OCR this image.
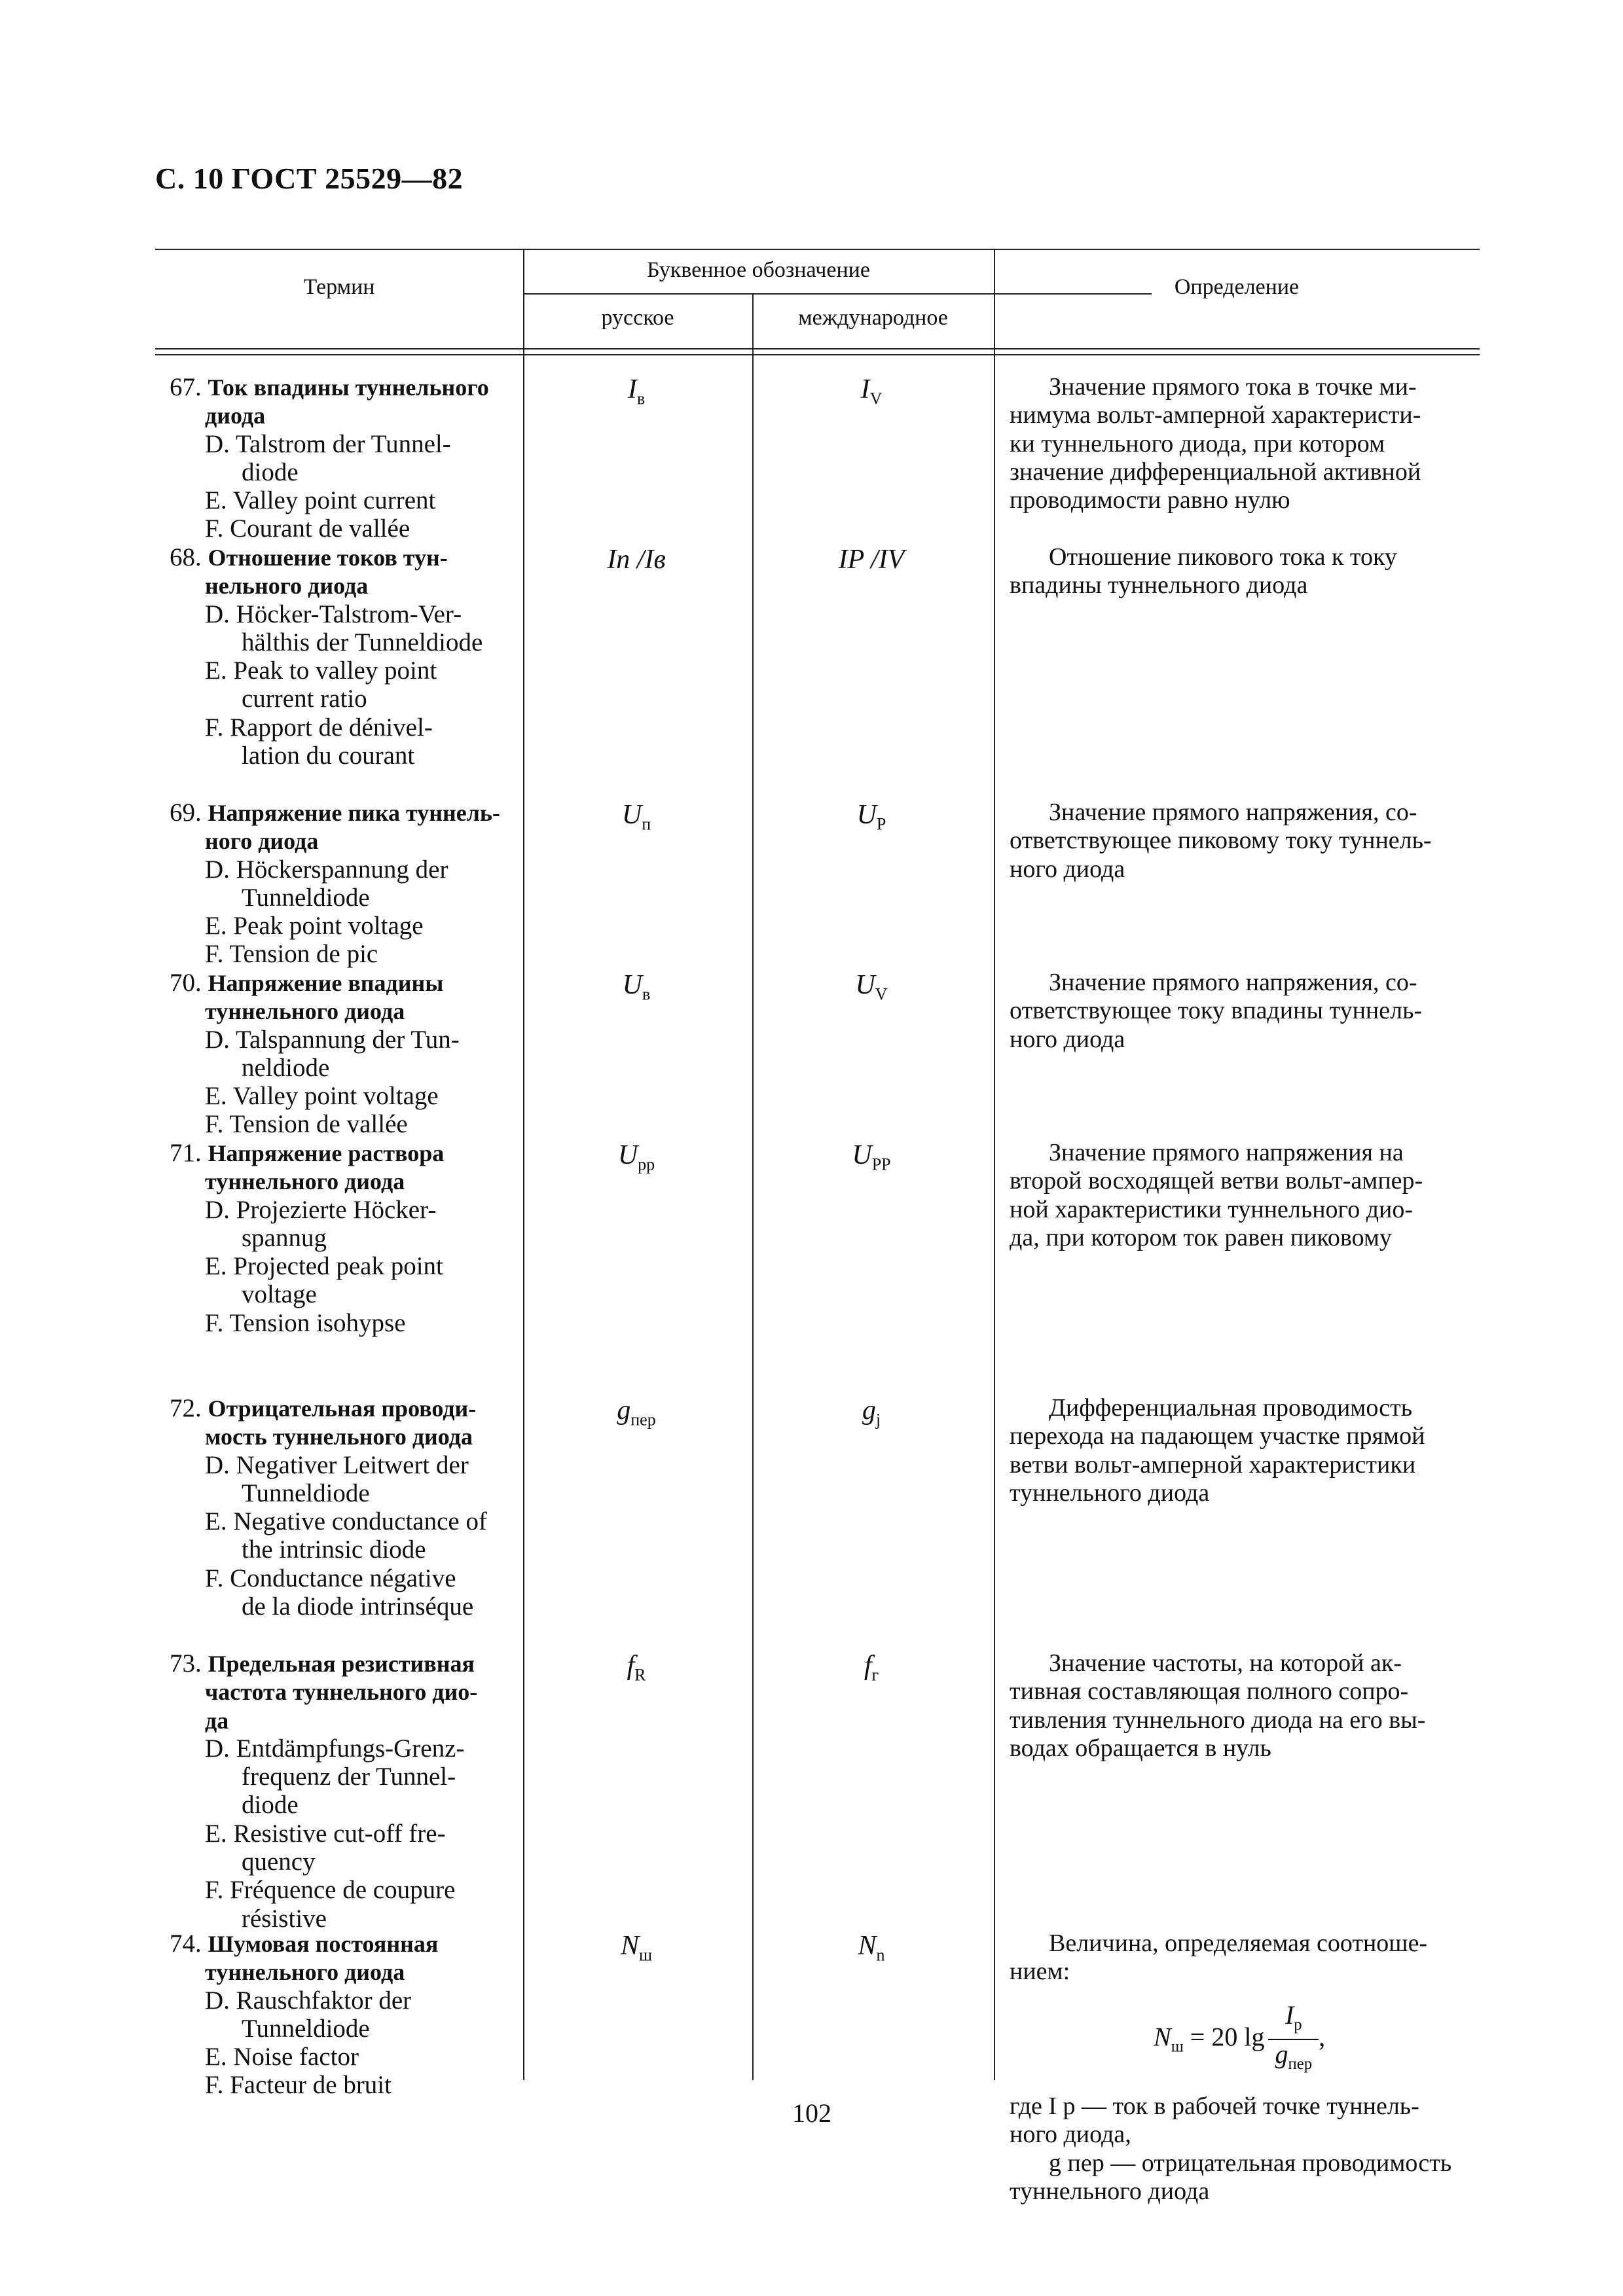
С. 10 ГОСТ 25529—82
Термин
Буквенное обозначение
русское	международное
Определение
67. Ток впадины туннельного
диода
D. Talstrom der Tunnel-
diode
E. Valley point current
F. Courant de vallée
$I_в$	$I_V$	Значение прямого тока в точке ми-
нимума вольт-амперной характеристи-
ки туннельного диода, при котором
значение дифференциальной активной
проводимости равно нулю
68. Отношение токов тун-
нельного диода
D. Höcker-Talstrom-Ver-
hälthis der Tunneldiode
E. Peak to valley point
current ratio
F. Rapport de dénivel-
lation du courant
Iп /Iв	IP /IV	Отношение пикового тока к току
впадины туннельного диода
69. Напряжение пика туннель-
ного диода
D. Höckerspannung der
Tunneldiode
E. Peak point voltage
F. Tension de pic
$U_п$	$U_P$	Значение прямого напряжения, со-
ответствующее пиковому току туннель-
ного диода
70. Напряжение впадины
туннельного диода
D. Talspannung der Tun-
neldiode
E. Valley point voltage
F. Tension de vallée
$U_в$	$U_V$	Значение прямого напряжения, со-
ответствующее току впадины туннель-
ного диода
71. Напряжение раствора
туннельного диода
D. Projezierte Höcker-
spannug
E. Projected peak point
voltage
F. Tension isohypse
$U_{рр}$	$U_{PP}$	Значение прямого напряжения на
второй восходящей ветви вольт-ампер-
ной характеристики туннельного дио-
да, при котором ток равен пиковому
72. Отрицательная проводи-
мость туннельного диода
D. Negativer Leitwert der
Tunneldiode
E. Negative conductance of
the intrinsic diode
F. Conductance négative
de la diode intrinséque
$g_{пер}$	$g_j$	Дифференциальная проводимость
перехода на падающем участке прямой
ветви вольт-амперной характеристики
туннельного диода
73. Предельная резистивная
частота туннельного дио-
да
D. Entdämpfungs-Grenz-
frequenz der Tunnel-
diode
E. Resistive cut-off fre-
quency
F. Fréquence de coupure
résistive
$f_R$	$f_г$	Значение частоты, на которой ак-
тивная составляющая полного сопро-
тивления туннельного диода на его вы-
водах обращается в нуль
74. Шумовая постоянная
туннельного диода
D. Rauschfaktor der
Tunneldiode
E. Noise factor
F. Facteur de bruit
$N_ш$	$N_n$	Величина, определяемая соотноше-
нием:
$N_ш = 20$ $\lg \frac{I_p}{g_{пер}}$ ,
где I p — ток в рабочей точке туннель-
ного диода,
g пер — отрицательная проводимость
туннельного диода
102
